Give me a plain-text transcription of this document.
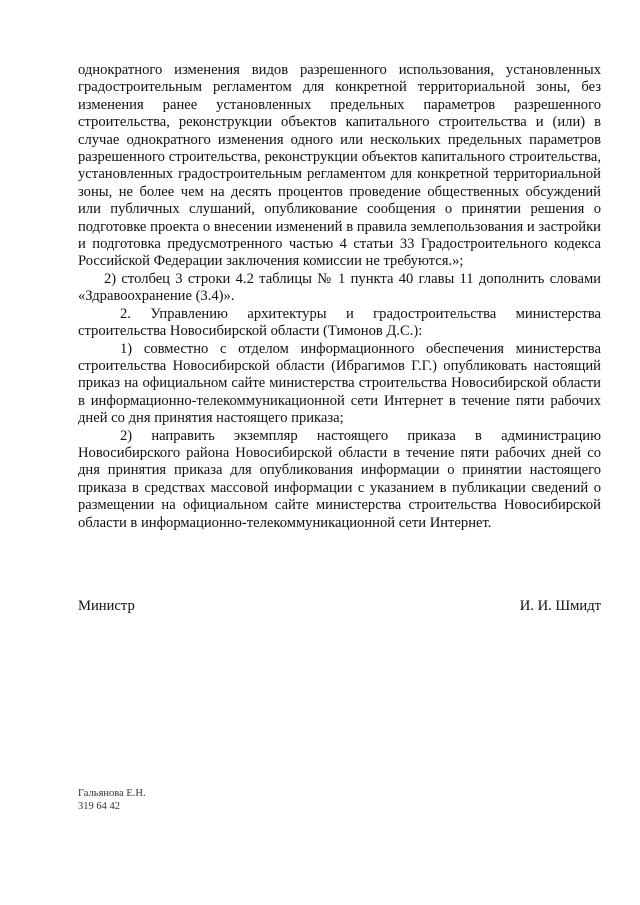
однократного изменения видов разрешенного использования, установленных градостроительным регламентом для конкретной территориальной зоны, без изменения ранее установленных предельных параметров разрешенного строительства, реконструкции объектов капитального строительства и (или) в случае однократного изменения одного или нескольких предельных параметров разрешенного строительства, реконструкции объектов капитального строительства, установленных градостроительным регламентом для конкретной территориальной зоны, не более чем на десять процентов проведение общественных обсуждений или публичных слушаний, опубликование сообщения о принятии решения о подготовке проекта о внесении изменений в правила землепользования и застройки и подготовка предусмотренного частью 4 статьи 33 Градостроительного кодекса Российской Федерации заключения комиссии не требуются.»;

2) столбец 3 строки 4.2 таблицы № 1 пункта 40 главы 11 дополнить словами «Здравоохранение (3.4)».

2. Управлению архитектуры и градостроительства министерства строительства Новосибирской области (Тимонов Д.С.):

1) совместно с отделом информационного обеспечения министерства строительства Новосибирской области (Ибрагимов Г.Г.) опубликовать настоящий приказ на официальном сайте министерства строительства Новосибирской области в информационно-телекоммуникационной сети Интернет в течение пяти рабочих дней со дня принятия настоящего приказа;

2) направить экземпляр настоящего приказа в администрацию Новосибирского района Новосибирской области в течение пяти рабочих дней со дня принятия приказа для опубликования информации о принятии настоящего приказа в средствах массовой информации с указанием в публикации сведений о размещении на официальном сайте министерства строительства Новосибирской области в информационно-телекоммуникационной сети Интернет.

Министр	И. И. Шмидт
Гальянова Е.Н.
319 64 42
